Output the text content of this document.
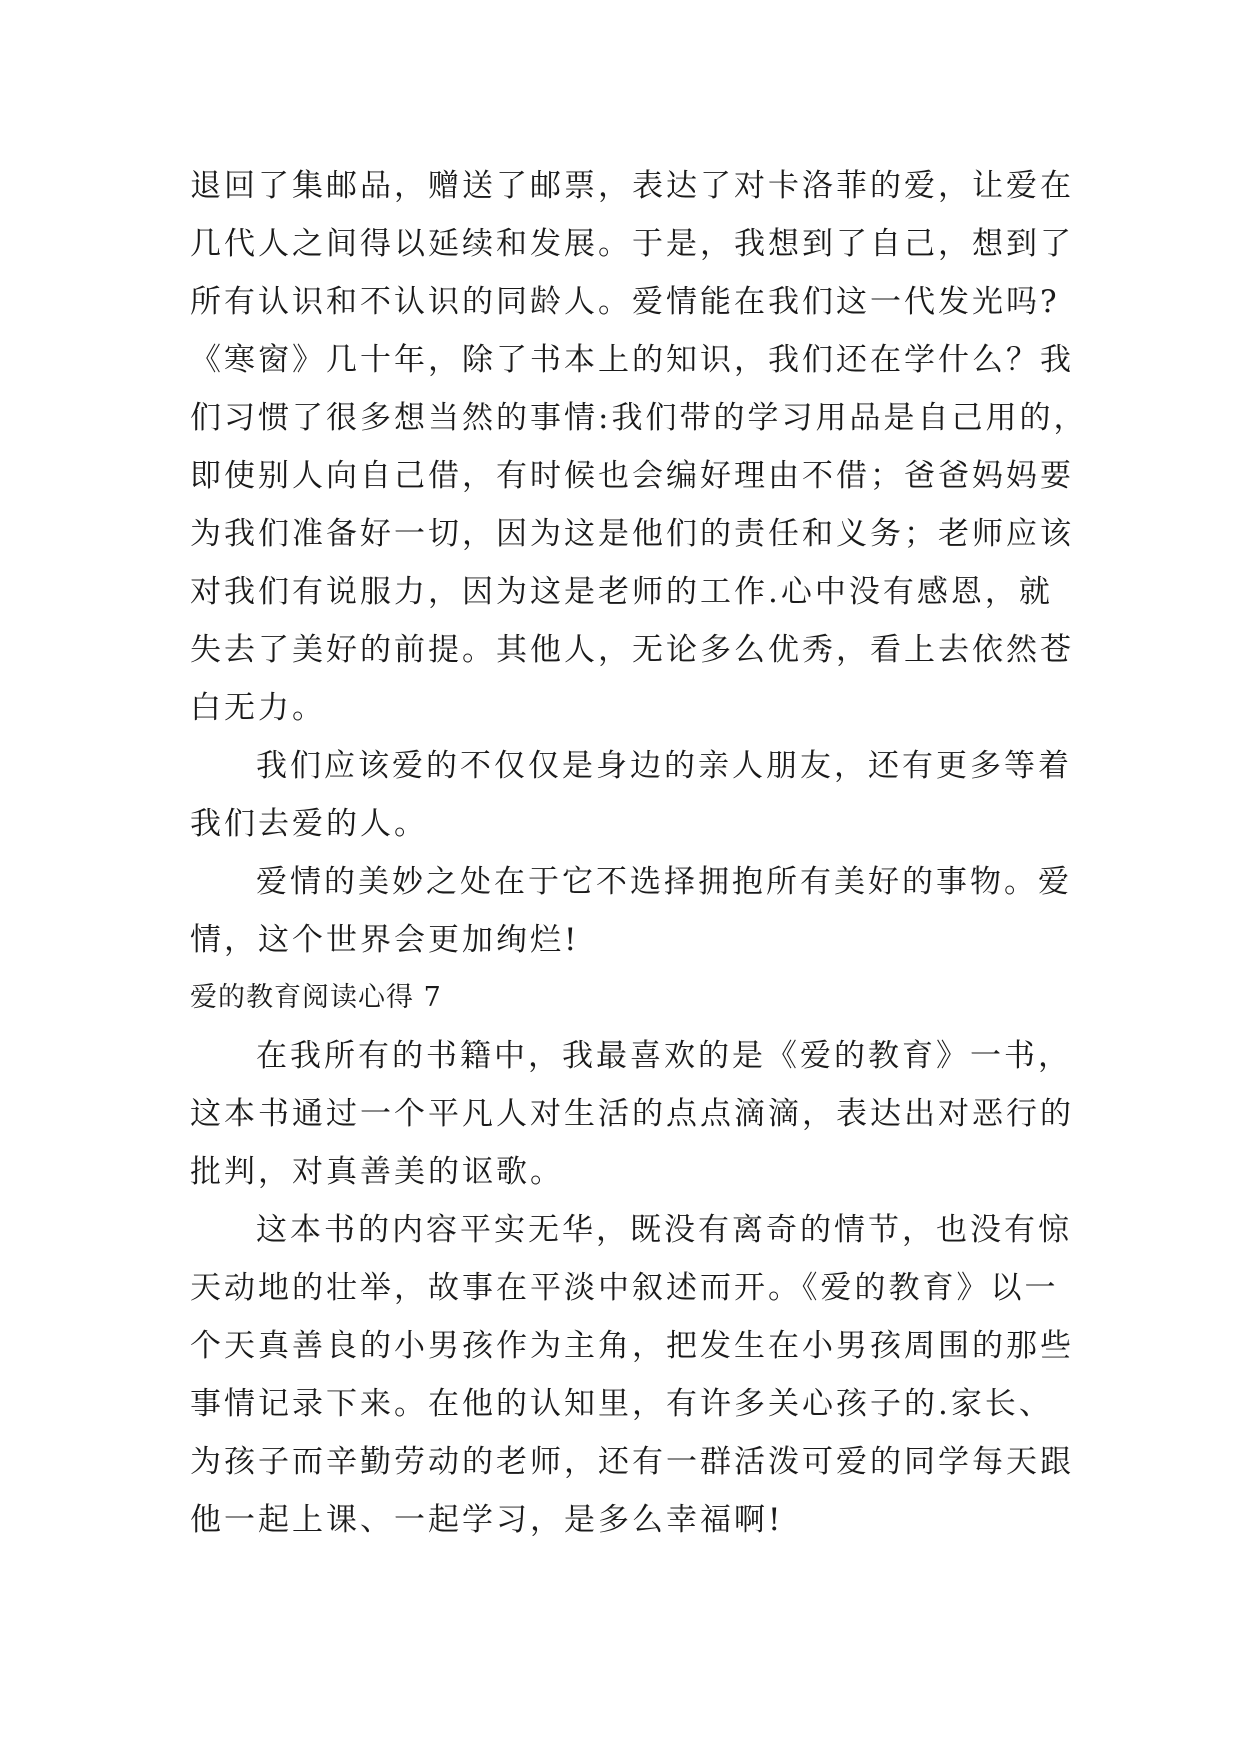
退回了集邮品，赠送了邮票，表达了对卡洛菲的爱，让爱在
几代人之间得以延续和发展。于是，我想到了自己，想到了
所有认识和不认识的同龄人。爱情能在我们这一代发光吗?
《寒窗》几十年，除了书本上的知识，我们还在学什么？我
们习惯了很多想当然的事情:我们带的学习用品是自己用的，
即使别人向自己借，有时候也会编好理由不借；爸爸妈妈要
为我们准备好一切，因为这是他们的责任和义务；老师应该
对我们有说服力，因为这是老师的工作.心中没有感恩，就
失去了美好的前提。其他人，无论多么优秀，看上去依然苍
白无力。
我们应该爱的不仅仅是身边的亲人朋友，还有更多等着
我们去爱的人。
爱情的美妙之处在于它不选择拥抱所有美好的事物。爱
情，这个世界会更加绚烂!
爱的教育阅读心得 7
在我所有的书籍中，我最喜欢的是《爱的教育》一书，
这本书通过一个平凡人对生活的点点滴滴，表达出对恶行的
批判，对真善美的讴歌。
这本书的内容平实无华，既没有离奇的情节，也没有惊
天动地的壮举，故事在平淡中叙述而开。《爱的教育》以一
个天真善良的小男孩作为主角，把发生在小男孩周围的那些
事情记录下来。在他的认知里，有许多关心孩子的.家长、
为孩子而辛勤劳动的老师，还有一群活泼可爱的同学每天跟
他一起上课、一起学习，是多么幸福啊!
